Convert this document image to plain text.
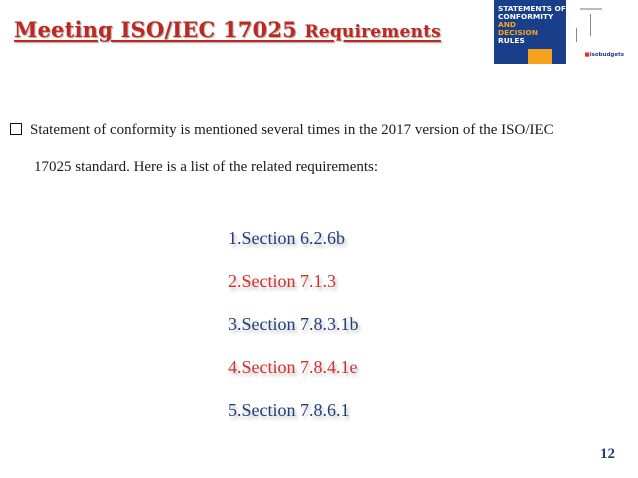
Meeting ISO/IEC 17025 Requirements
STATEMENTS OF
CONFORMITY
AND
DECISION
RULES
■isobudgets
Statement of conformity is mentioned several times in the 2017 version of the ISO/IEC
17025 standard. Here is a list of the related requirements:
1.Section 6.2.6b
2.Section 7.1.3
3.Section 7.8.3.1b
4.Section 7.8.4.1e
5.Section 7.8.6.1
12
